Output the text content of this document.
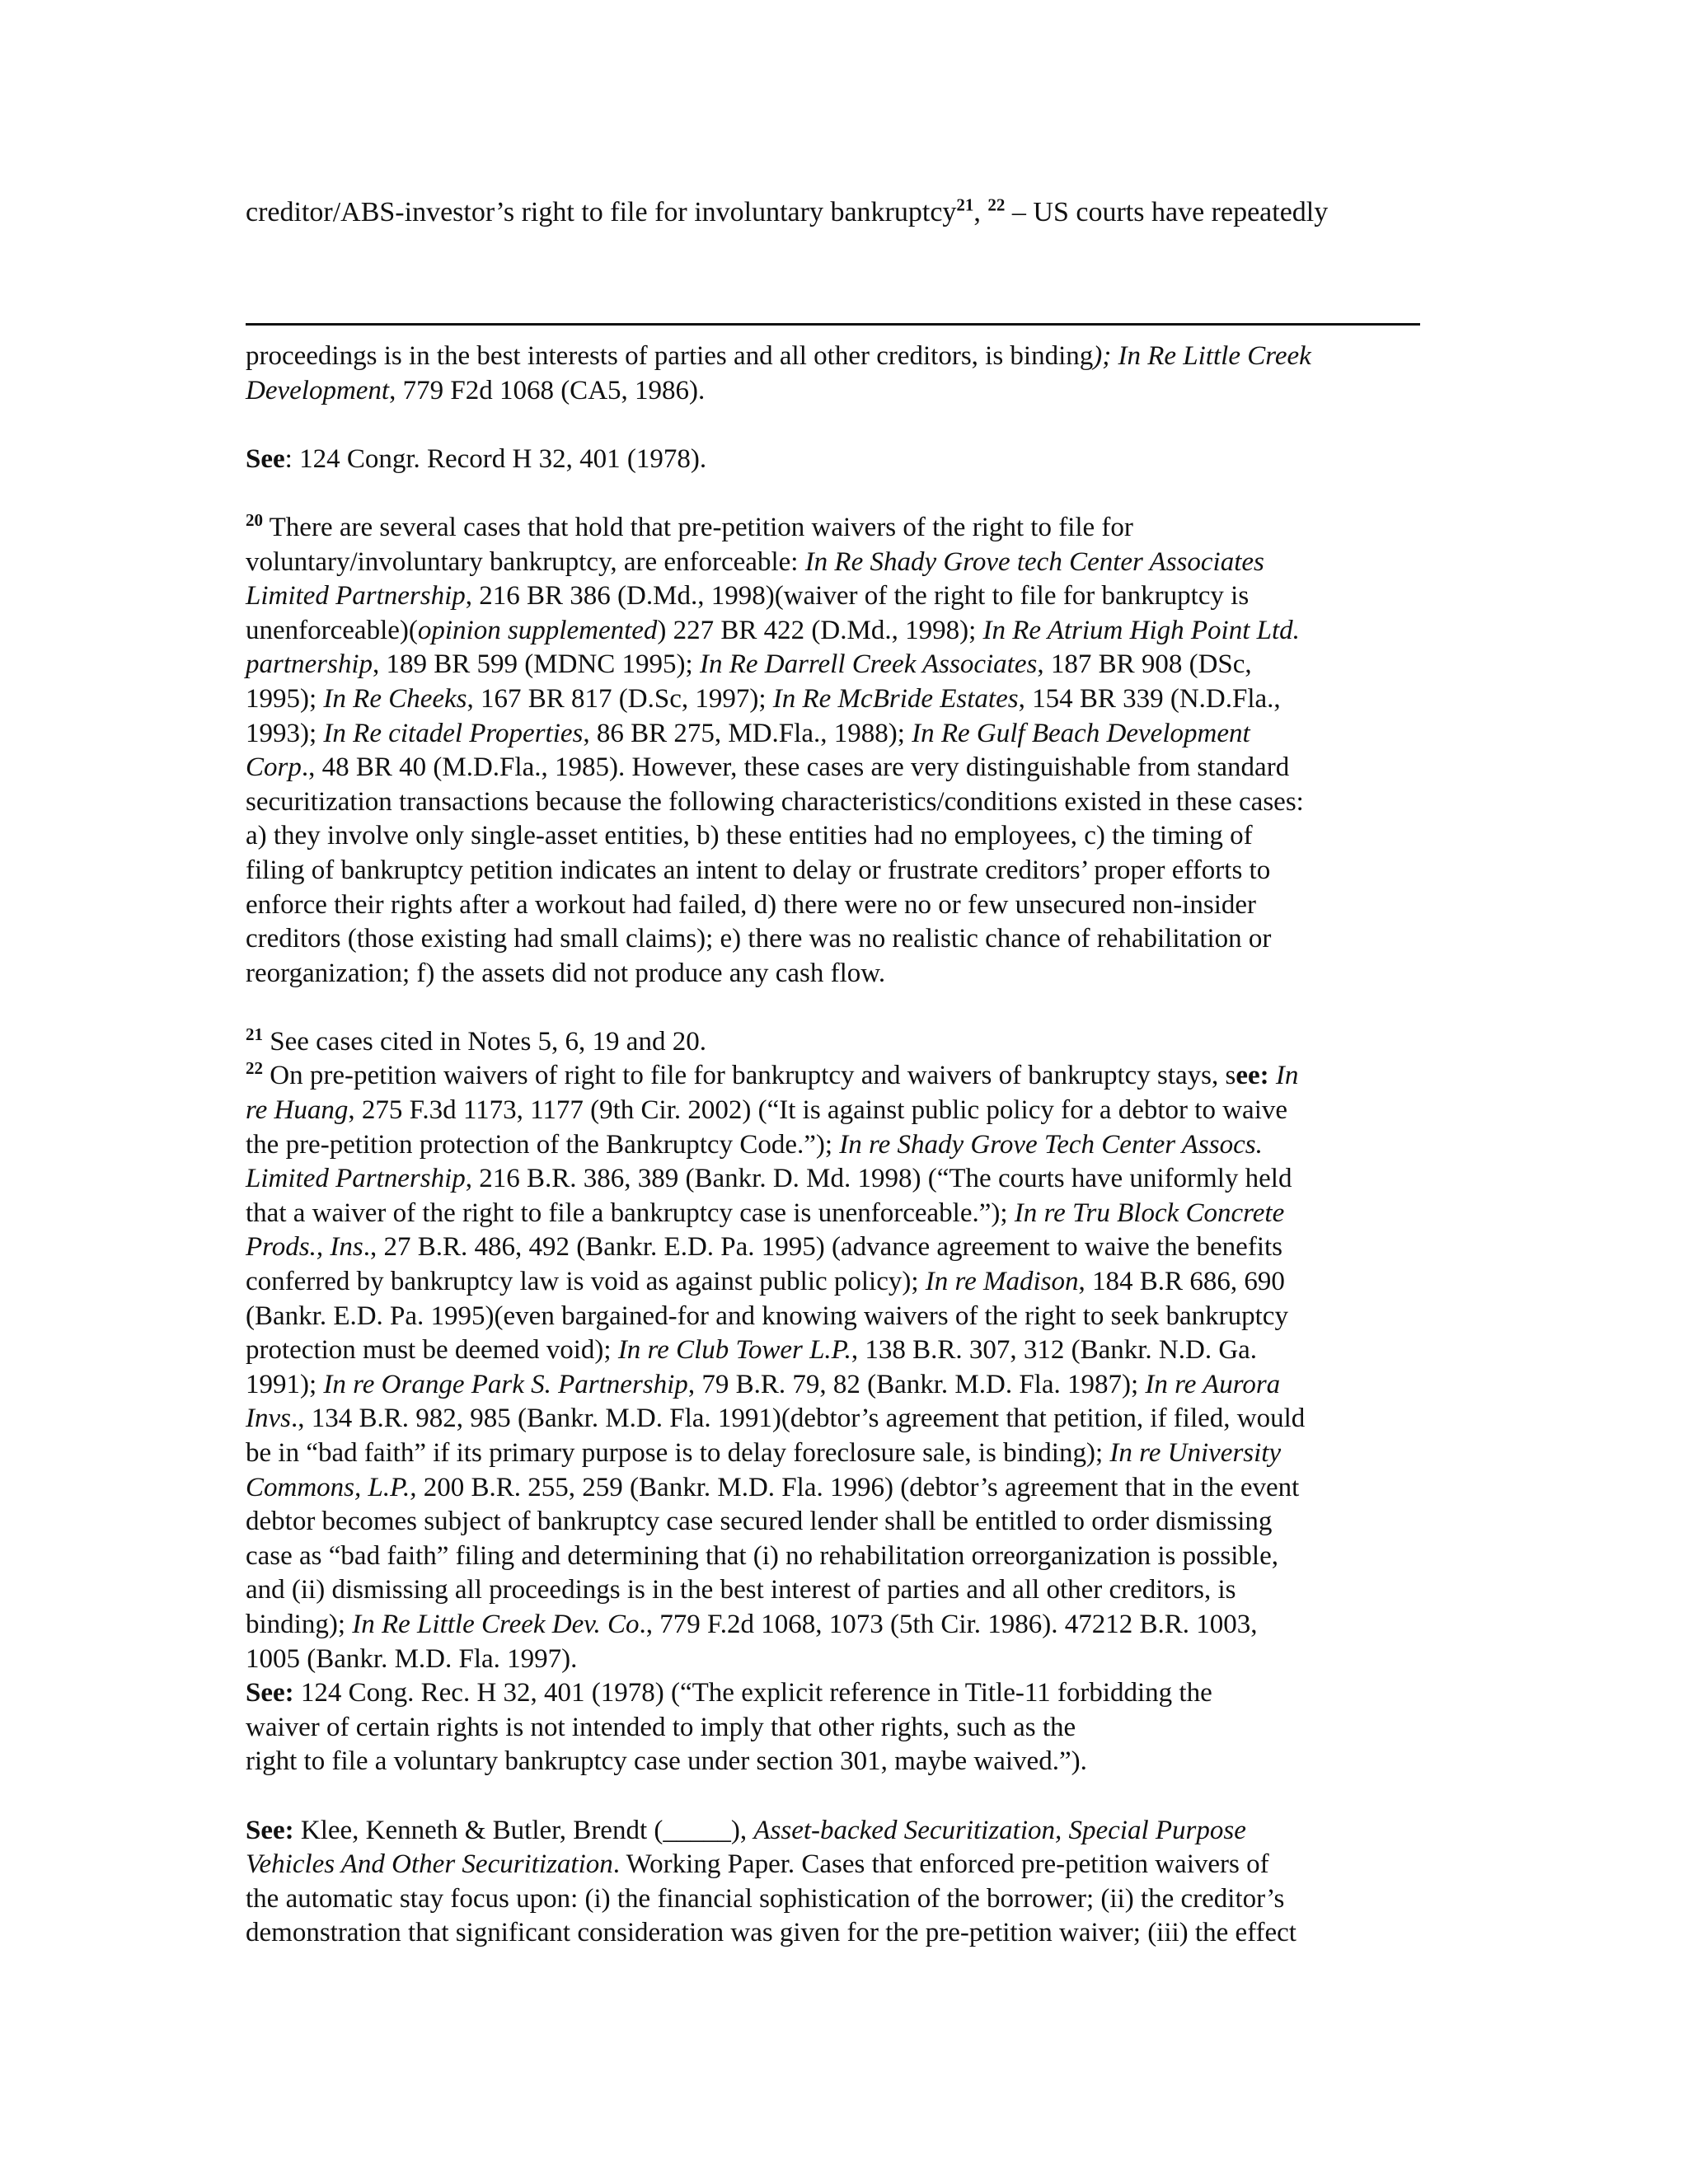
creditor/ABS-investor’s right to file for involuntary bankruptcy$^{21}$, $^{22}$ – US courts have repeatedly
proceedings is in the best interests of parties and all other creditors, is binding); In Re Little Creek
Development, 779 F2d 1068 (CA5, 1986).
See: 124 Congr. Record H 32, 401 (1978).
$^{20}$ There are several cases that hold that pre-petition waivers of the right to file for
voluntary/involuntary bankruptcy, are enforceable: In Re Shady Grove tech Center Associates
Limited Partnership, 216 BR 386 (D.Md., 1998)(waiver of the right to file for bankruptcy is
unenforceable)(opinion supplemented) 227 BR 422 (D.Md., 1998); In Re Atrium High Point Ltd.
partnership, 189 BR 599 (MDNC 1995); In Re Darrell Creek Associates, 187 BR 908 (DSc,
1995); In Re Cheeks, 167 BR 817 (D.Sc, 1997); In Re McBride Estates, 154 BR 339 (N.D.Fla.,
1993); In Re citadel Properties, 86 BR 275, MD.Fla., 1988); In Re Gulf Beach Development
Corp., 48 BR 40 (M.D.Fla., 1985). However, these cases are very distinguishable from standard
securitization transactions because the following characteristics/conditions existed in these cases:
a) they involve only single-asset entities, b) these entities had no employees, c) the timing of
filing of bankruptcy petition indicates an intent to delay or frustrate creditors’ proper efforts to
enforce their rights after a workout had failed, d) there were no or few unsecured non-insider
creditors (those existing had small claims); e) there was no realistic chance of rehabilitation or
reorganization; f) the assets did not produce any cash flow.
$^{21}$ See cases cited in Notes 5, 6, 19 and 20.
$^{22}$ On pre-petition waivers of right to file for bankruptcy and waivers of bankruptcy stays, see: In
re Huang, 275 F.3d 1173, 1177 (9th Cir. 2002) (“It is against public policy for a debtor to waive
the pre-petition protection of the Bankruptcy Code.”); In re Shady Grove Tech Center Assocs.
Limited Partnership, 216 B.R. 386, 389 (Bankr. D. Md. 1998) (“The courts have uniformly held
that a waiver of the right to file a bankruptcy case is unenforceable.”); In re Tru Block Concrete
Prods., Ins., 27 B.R. 486, 492 (Bankr. E.D. Pa. 1995) (advance agreement to waive the benefits
conferred by bankruptcy law is void as against public policy); In re Madison, 184 B.R 686, 690
(Bankr. E.D. Pa. 1995)(even bargained-for and knowing waivers of the right to seek bankruptcy
protection must be deemed void); In re Club Tower L.P., 138 B.R. 307, 312 (Bankr. N.D. Ga.
1991); In re Orange Park S. Partnership, 79 B.R. 79, 82 (Bankr. M.D. Fla. 1987); In re Aurora
Invs., 134 B.R. 982, 985 (Bankr. M.D. Fla. 1991)(debtor’s agreement that petition, if filed, would
be in “bad faith” if its primary purpose is to delay foreclosure sale, is binding); In re University
Commons, L.P., 200 B.R. 255, 259 (Bankr. M.D. Fla. 1996) (debtor’s agreement that in the event
debtor becomes subject of bankruptcy case secured lender shall be entitled to order dismissing
case as “bad faith” filing and determining that (i) no rehabilitation orreorganization is possible,
and (ii) dismissing all proceedings is in the best interest of parties and all other creditors, is
binding); In Re Little Creek Dev. Co., 779 F.2d 1068, 1073 (5th Cir. 1986). 47212 B.R. 1003,
1005 (Bankr. M.D. Fla. 1997).
See: 124 Cong. Rec. H 32, 401 (1978) (“The explicit reference in Title-11 forbidding the
waiver of certain rights is not intended to imply that other rights, such as the
right to file a voluntary bankruptcy case under section 301, maybe waived.”).
See: Klee, Kenneth & Butler, Brendt (_____), Asset-backed Securitization, Special Purpose
Vehicles And Other Securitization. Working Paper. Cases that enforced pre-petition waivers of
the automatic stay focus upon: (i) the financial sophistication of the borrower; (ii) the creditor’s
demonstration that significant consideration was given for the pre-petition waiver; (iii) the effect
